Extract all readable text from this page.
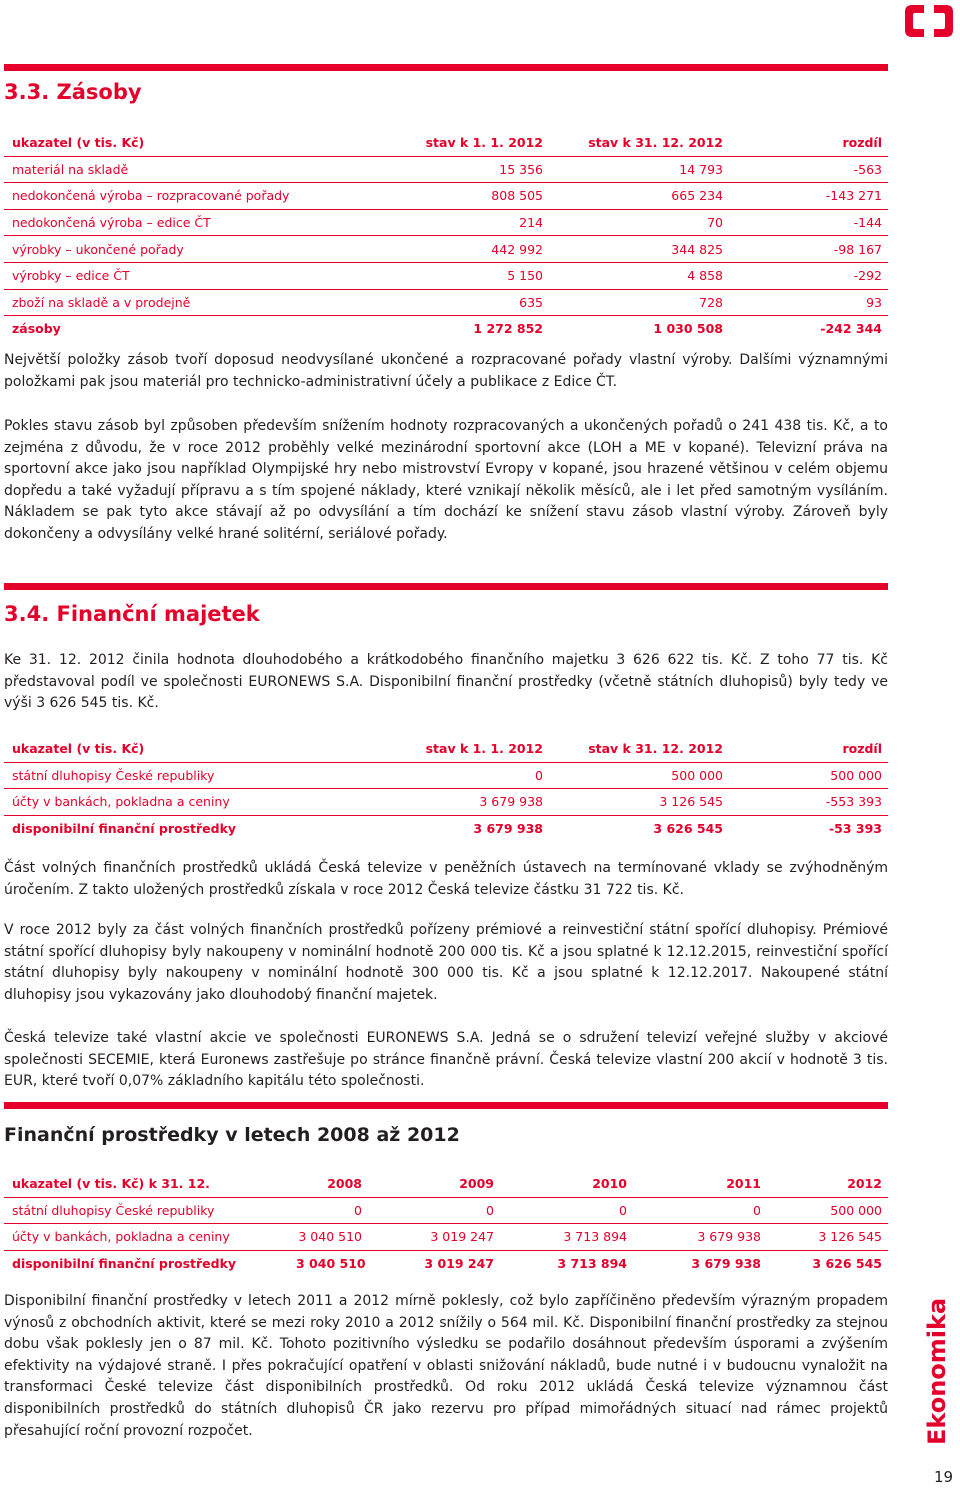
3.3. Zásoby
ukazatel (v tis. Kč)	stav k 1. 1. 2012	stav k 31. 12. 2012	rozdíl
materiál na skladě	15 356	14 793	-563
nedokončená výroba – rozpracované pořady	808 505	665 234	-143 271
nedokončená výroba – edice ČT	214	70	-144
výrobky – ukončené pořady	442 992	344 825	-98 167
výrobky – edice ČT	5 150	4 858	-292
zboží na skladě a v prodejně	635	728	93
zásoby	1 272 852	1 030 508	-242 344

Největší položky zásob tvoří doposud neodvysílané ukončené a rozpracované pořady vlastní výroby. Dalšími významnými položkami pak jsou materiál pro technicko-administrativní účely a publikace z Edice ČT.

Pokles stavu zásob byl způsoben především snížením hodnoty rozpracovaných a ukončených pořadů o 241 438 tis. Kč, a to zejména z důvodu, že v roce 2012 proběhly velké mezinárodní sportovní akce (LOH a ME v kopané). Televizní práva na sportovní akce jako jsou například Olympijské hry nebo mistrovství Evropy v kopané, jsou hrazené většinou v celém objemu dopředu a také vyžadují přípravu a s tím spojené náklady, které vznikají několik měsíců, ale i let před samotným vysíláním. Nákladem se pak tyto akce stávají až po odvysílání a tím dochází ke snížení stavu zásob vlastní výroby. Zároveň byly dokončeny a odvysílány velké hrané solitérní, seriálové pořady.

3.4. Finanční majetek

Ke 31. 12. 2012 činila hodnota dlouhodobého a krátkodobého finančního majetku 3 626 622 tis. Kč. Z toho 77 tis. Kč představoval podíl ve společnosti EURONEWS S.A. Disponibilní finanční prostředky (včetně státních dluhopisů) byly tedy ve výši 3 626 545 tis. Kč.

ukazatel (v tis. Kč)	stav k 1. 1. 2012	stav k 31. 12. 2012	rozdíl
státní dluhopisy České republiky	0	500 000	500 000
účty v bankách, pokladna a ceniny	3 679 938	3 126 545	-553 393
disponibilní finanční prostředky	3 679 938	3 626 545	-53 393

Část volných finančních prostředků ukládá Česká televize v peněžních ústavech na termínované vklady se zvýhodněným úročením. Z takto uložených prostředků získala v roce 2012 Česká televize částku 31 722 tis. Kč.

V roce 2012 byly za část volných finančních prostředků pořízeny prémiové a reinvestiční státní spořící dluhopisy. Prémiové státní spořící dluhopisy byly nakoupeny v nominální hodnotě 200 000 tis. Kč a jsou splatné k 12.12.2015, reinvestiční spořící státní dluhopisy byly nakoupeny v nominální hodnotě 300 000 tis. Kč a jsou splatné k 12.12.2017. Nakoupené státní dluhopisy jsou vykazovány jako dlouhodobý finanční majetek.

Česká televize také vlastní akcie ve společnosti EURONEWS S.A. Jedná se o sdružení televizí veřejné služby v akciové společnosti SECEMIE, která Euronews zastřešuje po stránce finančně právní. Česká televize vlastní 200 akcií v hodnotě 3 tis. EUR, které tvoří 0,07% základního kapitálu této společnosti.

Finanční prostředky v letech 2008 až 2012
ukazatel (v tis. Kč) k 31. 12.	2008	2009	2010	2011	2012
státní dluhopisy České republiky	0	0	0	0	500 000
účty v bankách, pokladna a ceniny	3 040 510	3 019 247	3 713 894	3 679 938	3 126 545
disponibilní finanční prostředky	3 040 510	3 019 247	3 713 894	3 679 938	3 626 545

Disponibilní finanční prostředky v letech 2011 a 2012 mírně poklesly, což bylo zapříčiněno především výrazným propadem výnosů z obchodních aktivit, které se mezi roky 2010 a 2012 snížily o 564 mil. Kč. Disponibilní finanční prostředky za stejnou dobu však poklesly jen o 87 mil. Kč. Tohoto pozitivního výsledku se podařilo dosáhnout především úsporami a zvýšením efektivity na výdajové straně. I přes pokračující opatření v oblasti snižování nákladů, bude nutné i v budoucnu vynaložit na transformaci České televize část disponibilních prostředků. Od roku 2012 ukládá Česká televize významnou část disponibilních prostředků do státních dluhopisů ČR jako rezervu pro případ mimořádných situací nad rámec projektů přesahující roční provozní rozpočet.	Ekonomika
19
